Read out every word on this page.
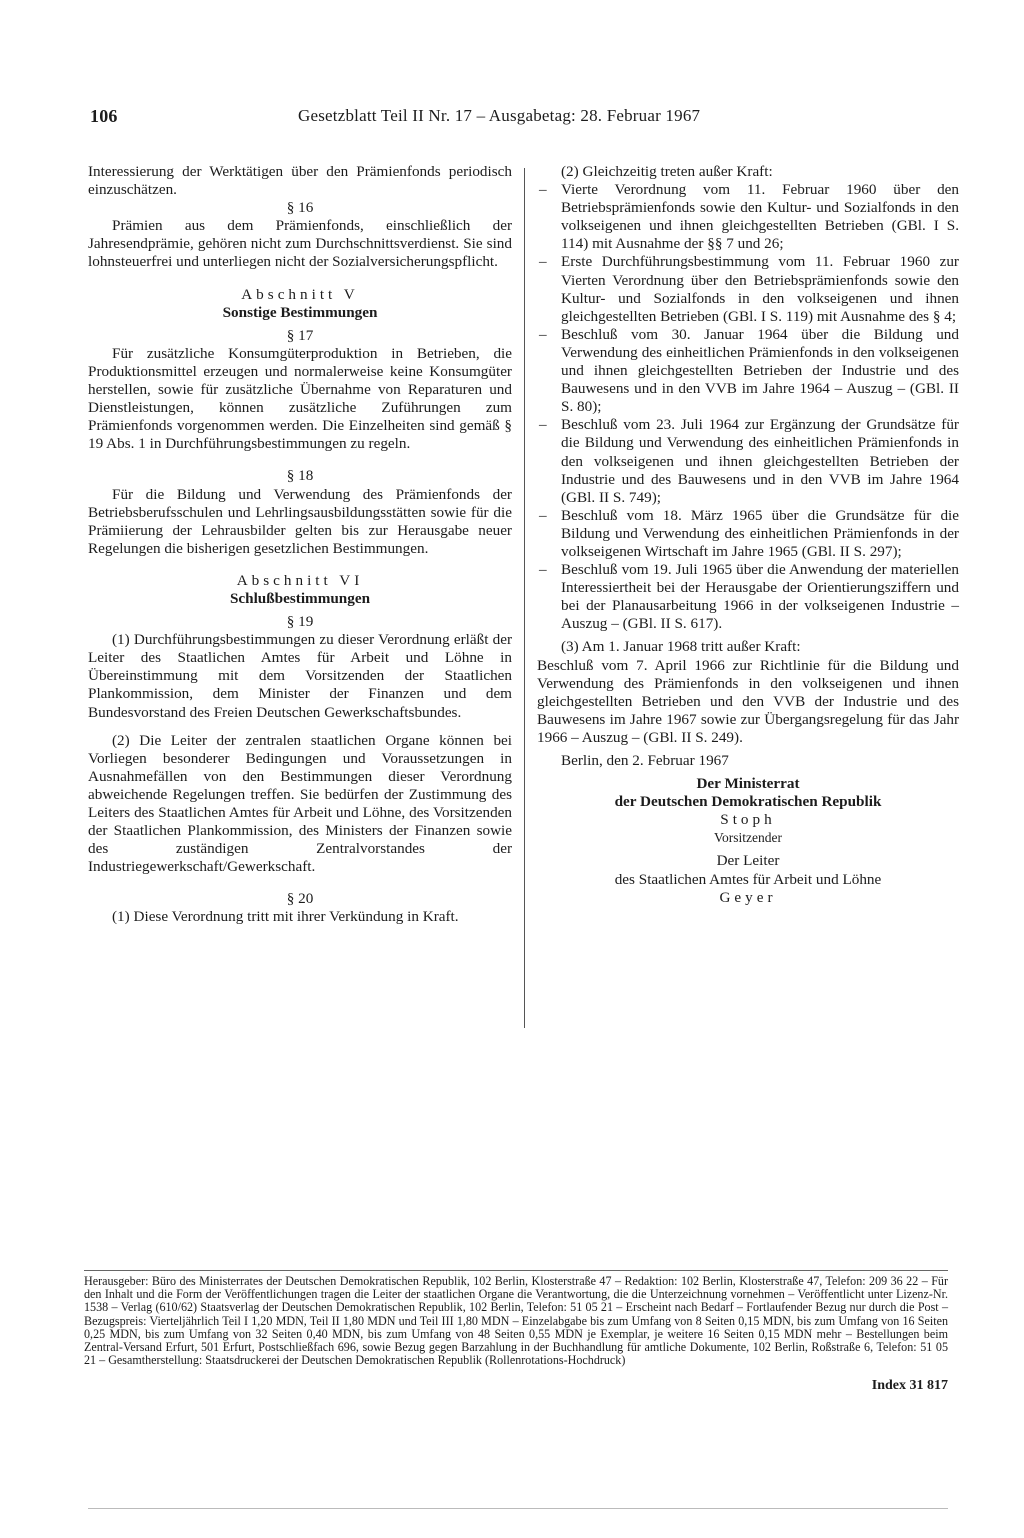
106	Gesetzblatt Teil II Nr. 17 – Ausgabetag: 28. Februar 1967

Interessierung der Werktätigen über den Prämienfonds periodisch einzuschätzen.

§ 16

Prämien aus dem Prämienfonds, einschließlich der Jahresendprämie, gehören nicht zum Durchschnittsverdienst. Sie sind lohnsteuerfrei und unterliegen nicht der Sozialversicherungspflicht.

Abschnitt V

Sonstige Bestimmungen

§ 17

Für zusätzliche Konsumgüterproduktion in Betrieben, die Produktionsmittel erzeugen und normalerweise keine Konsumgüter herstellen, sowie für zusätzliche Übernahme von Reparaturen und Dienstleistungen, können zusätzliche Zuführungen zum Prämienfonds vorgenommen werden. Die Einzelheiten sind gemäß § 19 Abs. 1 in Durchführungsbestimmungen zu regeln.

§ 18

Für die Bildung und Verwendung des Prämienfonds der Betriebsberufsschulen und Lehrlingsausbildungsstätten sowie für die Prämiierung der Lehrausbilder gelten bis zur Herausgabe neuer Regelungen die bisherigen gesetzlichen Bestimmungen.

Abschnitt VI

Schlußbestimmungen

§ 19

(1) Durchführungsbestimmungen zu dieser Verordnung erläßt der Leiter des Staatlichen Amtes für Arbeit und Löhne in Übereinstimmung mit dem Vorsitzenden der Staatlichen Plankommission, dem Minister der Finanzen und dem Bundesvorstand des Freien Deutschen Gewerkschaftsbundes.

(2) Die Leiter der zentralen staatlichen Organe können bei Vorliegen besonderer Bedingungen und Voraussetzungen in Ausnahmefällen von den Bestimmungen dieser Verordnung abweichende Regelungen treffen. Sie bedürfen der Zustimmung des Leiters des Staatlichen Amtes für Arbeit und Löhne, des Vorsitzenden der Staatlichen Plankommission, des Ministers der Finanzen sowie des zuständigen Zentralvorstandes der Industriegewerkschaft/Gewerkschaft.

§ 20

(1) Diese Verordnung tritt mit ihrer Verkündung in Kraft.

(2) Gleichzeitig treten außer Kraft:

– Vierte Verordnung vom 11. Februar 1960 über den Betriebsprämienfonds sowie den Kultur- und Sozialfonds in den volkseigenen und ihnen gleichgestellten Betrieben (GBl. I S. 114) mit Ausnahme der §§ 7 und 26;
– Erste Durchführungsbestimmung vom 11. Februar 1960 zur Vierten Verordnung über den Betriebsprämienfonds sowie den Kultur- und Sozialfonds in den volkseigenen und ihnen gleichgestellten Betrieben (GBl. I S. 119) mit Ausnahme des § 4;
– Beschluß vom 30. Januar 1964 über die Bildung und Verwendung des einheitlichen Prämienfonds in den volkseigenen und ihnen gleichgestellten Betrieben der Industrie und des Bauwesens und in den VVB im Jahre 1964 – Auszug – (GBl. II S. 80);
– Beschluß vom 23. Juli 1964 zur Ergänzung der Grundsätze für die Bildung und Verwendung des einheitlichen Prämienfonds in den volkseigenen und ihnen gleichgestellten Betrieben der Industrie und des Bauwesens und in den VVB im Jahre 1964 (GBl. II S. 749);
– Beschluß vom 18. März 1965 über die Grundsätze für die Bildung und Verwendung des einheitlichen Prämienfonds in der volkseigenen Wirtschaft im Jahre 1965 (GBl. II S. 297);
– Beschluß vom 19. Juli 1965 über die Anwendung der materiellen Interessiertheit bei der Herausgabe der Orientierungsziffern und bei der Planausarbeitung 1966 in der volkseigenen Industrie – Auszug – (GBl. II S. 617).

(3) Am 1. Januar 1968 tritt außer Kraft:

Beschluß vom 7. April 1966 zur Richtlinie für die Bildung und Verwendung des Prämienfonds in den volkseigenen und ihnen gleichgestellten Betrieben und den VVB der Industrie und des Bauwesens im Jahre 1967 sowie zur Übergangsregelung für das Jahr 1966 – Auszug – (GBl. II S. 249).

Berlin, den 2. Februar 1967

Der Ministerrat

der Deutschen Demokratischen Republik

Stoph

Vorsitzender

Der Leiter

des Staatlichen Amtes für Arbeit und Löhne

Geyer

Herausgeber: Büro des Ministerrates der Deutschen Demokratischen Republik, 102 Berlin, Klosterstraße 47 – Redaktion: 102 Berlin, Klosterstraße 47, Telefon: 209 36 22 – Für den Inhalt und die Form der Veröffentlichungen tragen die Leiter der staatlichen Organe die Verantwortung, die die Unterzeichnung vornehmen – Veröffentlicht unter Lizenz-Nr. 1538 – Verlag (610/62) Staatsverlag der Deutschen Demokratischen Republik, 102 Berlin, Telefon: 51 05 21 – Erscheint nach Bedarf – Fortlaufender Bezug nur durch die Post – Bezugspreis: Vierteljährlich Teil I 1,20 MDN, Teil II 1,80 MDN und Teil III 1,80 MDN – Einzelabgabe bis zum Umfang von 8 Seiten 0,15 MDN, bis zum Umfang von 16 Seiten 0,25 MDN, bis zum Umfang von 32 Seiten 0,40 MDN, bis zum Umfang von 48 Seiten 0,55 MDN je Exemplar, je weitere 16 Seiten 0,15 MDN mehr – Bestellungen beim Zentral-Versand Erfurt, 501 Erfurt, Postschließfach 696, sowie Bezug gegen Barzahlung in der Buchhandlung für amtliche Dokumente, 102 Berlin, Roßstraße 6, Telefon: 51 05 21 – Gesamtherstellung: Staatsdruckerei der Deutschen Demokratischen Republik (Rollenrotations-Hochdruck)

Index 31 817
